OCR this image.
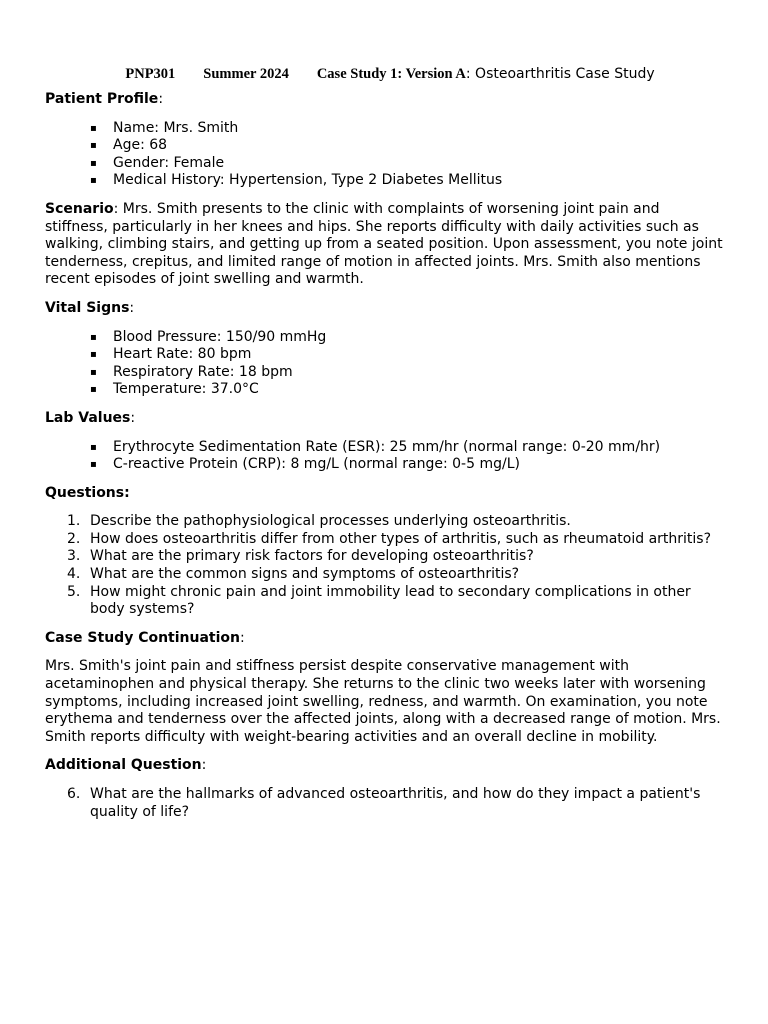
PNP301 Summer 2024 Case Study 1: Version A: Osteoarthritis Case Study
Patient Profile:
▪ Name: Mrs. Smith
▪ Age: 68
▪ Gender: Female
▪ Medical History: Hypertension, Type 2 Diabetes Mellitus

Scenario: Mrs. Smith presents to the clinic with complaints of worsening joint pain and stiffness, particularly in her knees and hips. She reports difficulty with daily activities such as walking, climbing stairs, and getting up from a seated position. Upon assessment, you note joint tenderness, crepitus, and limited range of motion in affected joints. Mrs. Smith also mentions recent episodes of joint swelling and warmth.

Vital Signs:
▪ Blood Pressure: 150/90 mmHg
▪ Heart Rate: 80 bpm
▪ Respiratory Rate: 18 bpm
▪ Temperature: 37.0°C
Lab Values:
▪ Erythrocyte Sedimentation Rate (ESR): 25 mm/hr (normal range: 0-20 mm/hr)
▪ C-reactive Protein (CRP): 8 mg/L (normal range: 0-5 mg/L)
Questions:
1. Describe the pathophysiological processes underlying osteoarthritis.
2. How does osteoarthritis differ from other types of arthritis, such as rheumatoid arthritis?
3. What are the primary risk factors for developing osteoarthritis?
4. What are the common signs and symptoms of osteoarthritis?
5. How might chronic pain and joint immobility lead to secondary complications in other body systems?
Case Study Continuation:

Mrs. Smith's joint pain and stiffness persist despite conservative management with acetaminophen and physical therapy. She returns to the clinic two weeks later with worsening symptoms, including increased joint swelling, redness, and warmth. On examination, you note erythema and tenderness over the affected joints, along with a decreased range of motion. Mrs. Smith reports difficulty with weight-bearing activities and an overall decline in mobility.

Additional Question:
6. What are the hallmarks of advanced osteoarthritis, and how do they impact a patient's quality of life?
